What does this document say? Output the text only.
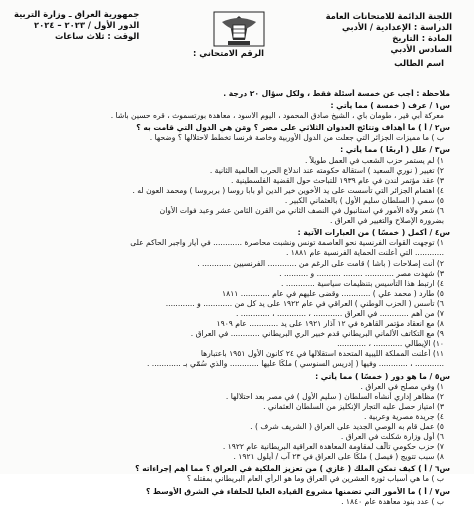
اللجنة الدائمة للامتحانات العامة
الدراسة : الإعدادية / الأدبي
المادة : التاريخ
السادس الأدبي
جمهورية العراق ـ وزارة التربية
الدور الأول / ٢٠٢٣ – ٢٠٢٤
الوقت : ثلاث ساعات
اسم الطالب
الرقم الامتحاني :
ملاحظة : أجب عن خمسة أسئلة فقط ، ولكل سؤال ٢٠ درجة .
س١ / عرف ( خمسة ) مما يأتي :
معركة أبي قير ، طومان باي ، الشيخ صادق المحمود ، اليوم الاسود ، معاهدة بورتسموث ، قره حسين باشا .
س٢ / أ ) ما أهداف وتتائج العدوان الثلاثي على مصر ؟ ومَن هي الدول التي قامت به ؟
ب ) ما مميزات الجزائر التي جعلت من الدول الأوربية وخاصة فرنسا تخطط لاحتلالها ؟ وضحها .
س٣ / علل ( أربعًا ) مما يأتي :
١) لم يستمر حزب الشعب في العمل طويلاً .
٢) تغيير ( نوري السعيد ) استقالة حكومته عند اندلاع الحرب العالمية الثانية .
٣) عقد مؤتمر لندن في عام ١٩٣٩ للتباحث حول القضية الفلسطينية .
٤) اهتمام الجزائر التي تأسست على يد الأخوين خير الدين أو بابا روسا ( بربروسا ) ومحمد العون له .
٥) سمي ( السلطان سليم الأول ) بالعثماني الكبير .
٦) شعر ولاة الأمور في استانبول في النصف الثاني من القرن الثامن عشر وعبد فوات الأوان
بضرورة الإصلاح والتغيير في العراق .
س٤ / أكمل ( خمسًا ) من العبارات الآتية :
١) توجهت القوات الفرنسية نحو العاصمة تونس ونشبت محاصرة ............ في أيار واجبر الحاكم على
............ التي أعلنت الحماية الفرنسية عام ١٨٨١ .
٢) أنت إصلاحات ( باشا ) قامت على الرغم من ............ الفرنسيين ............ .
٣) شهدت مصر ............ ........ .......... و .......... .
٤) ارتبط هذا التأسيس بتنظيمات سياسية ............ .
٥) طارد ( محمد علي ) ............ وقضى عليهم في عام ............ ١٨١١
٦) تأسس ( الحزب الوطني ) العراقي في عام ١٩٢٢ على يد كل من ............ و ............
٧) من أهم ............ في العراق ............ ، ............ ، ............ .
٨) مع انعقاد مؤتمر القاهرة في ١٢ آذار ١٩٢١ على يد ............ عام ١٩٠٩
٩) مع التكاتف الألماني البريطاني قدم خبير الري البريطاني ............ في العراق .
١٠) الإيطالي ............ ، ............
١١) أعلنت المملكة الليبية المتحدة استقلالها في ٢٤ كانون الأول ١٩٥١ باعتبارها
............ ، ............ وفيها ( إدريس السنوسي ) ملكًا عليها ............ والذي سُمّي بـ ............ .
س٥ / ما هو دور ( خمسًا ) مما يأتي :
١) وفي مصلح في العراق .
٢) مظاهر إداري أنشأه السلطان ( سليم الأول ) في مصر بعد احتلالها .
٣) امتياز حصل عليه التجار الإنكليز من السلطان العثماني .
٤) جريدة مصرية وعربية .
٥) عمل قام به الوصي الجديد على العراق ( الشريف شرف ) .
٦) أول وزارة شكلت في العراق .
٧) حزب حكومي تألّف لمقاومة المعاهدة العراقية البريطانية عام ١٩٢٢ .
٨) سبب تتويج ( فيصل ) ملكًا على العراق في ٢٣ آب / أيلول ١٩٢١ .
س٦ / أ ) كيف تمكن الملك ( غازي ) من تعزيز الملكية في العراق ؟ مما أهم إجراءاته ؟
ب ) ما هي أسباب ثورة العشرين في العراق وما هو الرأي العام البريطاني بمقتله ؟
س٧ / أ ) ما الأمور التي تضمنها مشروع القيادة العليا للحلفاء في الشرق الأوسط ؟
ب ) عدد بنود معاهدة عام ١٨٤٠ .
